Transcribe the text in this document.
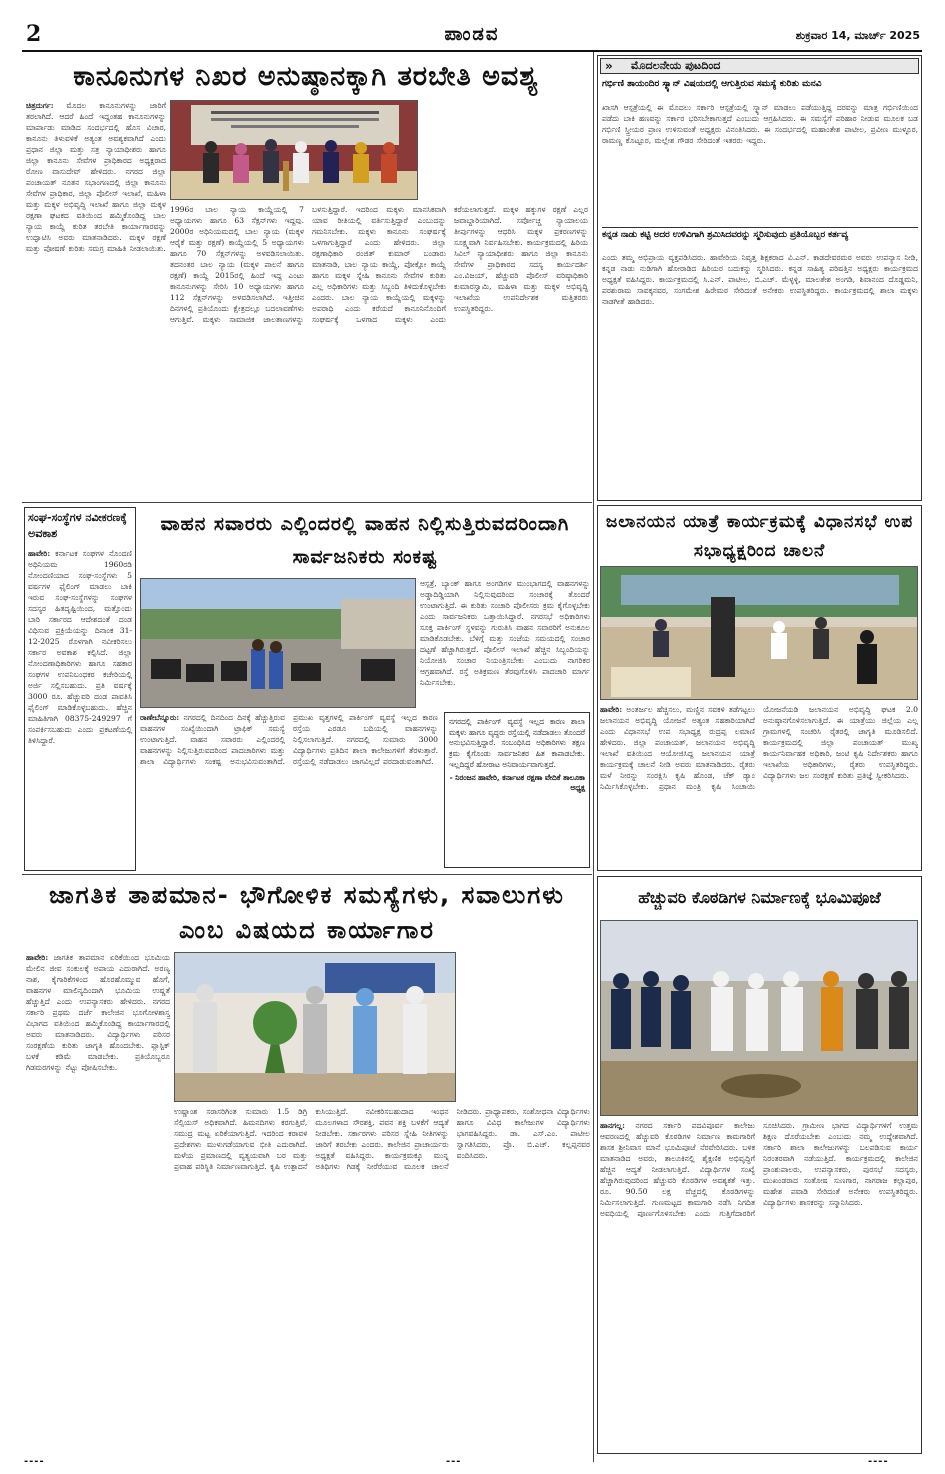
2	ಪಾಂಡವ	ಶುಕ್ರವಾರ 14, ಮಾರ್ಚ್ 2025
ಕಾನೂನುಗಳ ನಿಖರ ಅನುಷ್ಠಾನಕ್ಕಾಗಿ ತರಬೇತಿ ಅವಶ್ಯ
ಚಿತ್ರದುರ್ಗ: ಮೊದಲ ಕಾನೂನುಗಳನ್ನು ಜಾರಿಗೆ ತರಲಾಗಿದೆ. ಆದರೆ ಹಿಂದೆ ಇದ್ದಂತಹ ಕಾನೂನುಗಳನ್ನು ಮಾರ್ಪಾಡು ಮಾಡಿದ ಸಂದರ್ಭದಲ್ಲಿ ಹೊಸ ವಿಚಾರ, ಕಾನೂನು ತಿಳುವಳಿಕೆ ಅತ್ಯಂತ ಅವಶ್ಯಕವಾಗಿದೆ ಎಂದು ಪ್ರಧಾನ ಜಿಲ್ಲಾ ಮತ್ತು ಸತ್ರ ನ್ಯಾಯಾಧೀಶರು ಹಾಗೂ ಜಿಲ್ಲಾ ಕಾನೂನು ಸೇವೆಗಳ ಪ್ರಾಧಿಕಾರದ ಅಧ್ಯಕ್ಷರಾದ ರೋಣ ವಾಸುದೇವ್ ಹೇಳಿದರು. ನಗರದ ಜಿಲ್ಲಾ ಪಂಚಾಯತ್ ನೂತನ ಸಭಾಂಗಣದಲ್ಲಿ ಜಿಲ್ಲಾ ಕಾನೂನು ಸೇವೆಗಳ ಪ್ರಾಧಿಕಾರ, ಜಿಲ್ಲಾ ಪೊಲೀಸ್ ಇಲಾಖೆ, ಮಹಿಳಾ ಮತ್ತು ಮಕ್ಕಳ ಅಭಿವೃದ್ಧಿ ಇಲಾಖೆ ಹಾಗೂ ಜಿಲ್ಲಾ ಮಕ್ಕಳ ರಕ್ಷಣಾ ಘಟಕದ ವತಿಯಿಂದ ಹಮ್ಮಿಕೊಂಡಿದ್ದ ಬಾಲ ನ್ಯಾಯ ಕಾಯ್ದೆ ಕುರಿತ ತರಬೇತಿ ಕಾರ್ಯಾಗಾರವನ್ನು ಉದ್ಘಾಟಿಸಿ ಅವರು ಮಾತನಾಡಿದರು. ಮಕ್ಕಳ ರಕ್ಷಣೆ ಮತ್ತು ಪೋಷಣೆ ಕುರಿತು ಸಮಗ್ರ ಮಾಹಿತಿ ನೀಡಲಾಯಿತು.
1996ರ ಬಾಲ ನ್ಯಾಯ ಕಾಯ್ದೆಯಲ್ಲಿ 7 ಅಧ್ಯಾಯಗಳು ಹಾಗೂ 63 ಸೆಕ್ಷನ್‌ಗಳು ಇದ್ದವು. 2000ರ ಅಧಿನಿಯಮದಲ್ಲಿ ಬಾಲ ನ್ಯಾಯ (ಮಕ್ಕಳ ಆರೈಕೆ ಮತ್ತು ರಕ್ಷಣೆ) ಕಾಯ್ದೆಯಲ್ಲಿ 5 ಅಧ್ಯಾಯಗಳು ಹಾಗೂ 70 ಸೆಕ್ಷನ್‌ಗಳನ್ನು ಅಳವಡಿಸಲಾಯಿತು. ತದನಂತರ ಬಾಲ ನ್ಯಾಯ (ಮಕ್ಕಳ ಪಾಲನೆ ಹಾಗೂ ರಕ್ಷಣೆ) ಕಾಯ್ದೆ 2015ರಲ್ಲಿ ಹಿಂದೆ ಇದ್ದ ಎಂಟು ಕಾನೂನುಗಳನ್ನು ಸೇರಿಸಿ 10 ಅಧ್ಯಾಯಗಳು ಹಾಗೂ 112 ಸೆಕ್ಷನ್‌ಗಳನ್ನು ಅಳವಡಿಸಲಾಗಿದೆ. ಇತ್ತೀಚಿನ ದಿನಗಳಲ್ಲಿ ಪ್ರತಿಯೊಂದು ಕ್ಷೇತ್ರದಲ್ಲೂ ಬದಲಾವಣೆಗಳು ಆಗುತ್ತಿವೆ. ಮಕ್ಕಳು ಸಾಮಾಜಿಕ ಜಾಲತಾಣಗಳನ್ನು ಬಳಸುತ್ತಿದ್ದಾರೆ. ಇದರಿಂದ ಮಕ್ಕಳು ಮಾನಸಿಕವಾಗಿ ಯಾವ ರೀತಿಯಲ್ಲಿ ವರ್ತಿಸುತ್ತಿದ್ದಾರೆ ಎಂಬುದನ್ನು ಗಮನಿಸಬೇಕು. ಮಕ್ಕಳು ಕಾನೂನು ಸಂಘರ್ಷಕ್ಕೆ ಒಳಗಾಗುತ್ತಿದ್ದಾರೆ ಎಂದು ಹೇಳಿದರು. ಜಿಲ್ಲಾ ರಕ್ಷಣಾಧಿಕಾರಿ ರಂಜಿತ್ ಕುಮಾರ್ ಬಂಡಾರು ಮಾತನಾಡಿ, ಬಾಲ ನ್ಯಾಯ ಕಾಯ್ದೆ, ಪೋಕ್ಸೋ ಕಾಯ್ದೆ ಹಾಗೂ ಮಕ್ಕಳ ಸ್ನೇಹಿ ಕಾನೂನು ಸೇವೆಗಳ ಕುರಿತು ಎಲ್ಲ ಅಧಿಕಾರಿಗಳು ಮತ್ತು ಸಿಬ್ಬಂದಿ ತಿಳಿದುಕೊಳ್ಳಬೇಕು ಎಂದರು. ಬಾಲ ನ್ಯಾಯ ಕಾಯ್ದೆಯಲ್ಲಿ ಮಕ್ಕಳನ್ನು ಅಪರಾಧಿ ಎಂದು ಕರೆಯದೆ ಕಾನೂನಿನೊಂದಿಗೆ ಸಂಘರ್ಷಕ್ಕೆ ಒಳಗಾದ ಮಕ್ಕಳು ಎಂದು ಕರೆಯಲಾಗುತ್ತದೆ. ಮಕ್ಕಳ ಹಕ್ಕುಗಳ ರಕ್ಷಣೆ ಎಲ್ಲರ ಜವಾಬ್ದಾರಿಯಾಗಿದೆ. ಸರ್ವೋಚ್ಚ ನ್ಯಾಯಾಲಯ ತೀರ್ಪುಗಳನ್ನು ಆಧರಿಸಿ ಮಕ್ಕಳ ಪ್ರಕರಣಗಳನ್ನು ಸೂಕ್ಷ್ಮವಾಗಿ ನಿರ್ವಹಿಸಬೇಕು. ಕಾರ್ಯಕ್ರಮದಲ್ಲಿ ಹಿರಿಯ ಸಿವಿಲ್ ನ್ಯಾಯಾಧೀಶರು ಹಾಗೂ ಜಿಲ್ಲಾ ಕಾನೂನು ಸೇವೆಗಳ ಪ್ರಾಧಿಕಾರದ ಸದಸ್ಯ ಕಾರ್ಯದರ್ಶಿ ಎಂ.ವಿಜಯ್, ಹೆಚ್ಚುವರಿ ಪೊಲೀಸ್ ವರಿಷ್ಠಾಧಿಕಾರಿ ಕುಮಾರಸ್ವಾಮಿ, ಮಹಿಳಾ ಮತ್ತು ಮಕ್ಕಳ ಅಭಿವೃದ್ಧಿ ಇಲಾಖೆಯ ಉಪನಿರ್ದೇಶಕ ಮತ್ತಿತರರು ಉಪಸ್ಥಿತರಿದ್ದರು.
» ಮೊದಲನೇಯ ಪುಟದಿಂದ
ಗರ್ಭಿಣಿ ತಾಯಂದಿರ ಸ್ಕ್ಯಾನ್ ವಿಷಯದಲ್ಲಿ ಆಗುತ್ತಿರುವ ಸಮಸ್ಯೆ ಕುರಿತು ಮನವಿ
ಖಾಸಗಿ ಆಸ್ಪತ್ರೆಯಲ್ಲಿ ಈ ಮೊದಲು ಸರ್ಕಾರಿ ಆಸ್ಪತ್ರೆಯಲ್ಲಿ ಸ್ಕ್ಯಾನ್ ಮಾಡಲು ಪಡೆಯುತ್ತಿದ್ದ ದರವನ್ನು ಮಾತ್ರ ಗರ್ಭಿಣಿಯಿಂದ ಪಡೆದು ಬಾಕಿ ಹಣವನ್ನು ಸರ್ಕಾರ ಭರಿಸಬೇಕಾಗುತ್ತದೆ ಎಂಬುದು ಆಗ್ರಹಿಸಿದರು. ಈ ಸಮಸ್ಯೆಗೆ ಪರಿಹಾರ ನೀಡುವ ಮೂಲಕ ಬಡ ಗರ್ಭಿಣಿ ಸ್ತ್ರೀಯರ ಪ್ರಾಣ ಉಳಿಸುವಂತೆ ಅಧ್ಯಕ್ಷರು ವಿನಂತಿಸಿದರು. ಈ ಸಂದರ್ಭದಲ್ಲಿ ಮಹಾಂತೇಶ ಪಾಟೀಲ, ಪ್ರವೀಣ ಮುಳ್ಳೂರ, ರಾಮಣ್ಣ ಕೊಟ್ಟೂರ, ಮಲ್ಲೇಶ ಗೌಡರ ಸೇರಿದಂತೆ ಇತರರು ಇದ್ದರು.
ಕನ್ನಡ ನಾಡು ಕಟ್ಟಿ ಅದರ ಉಳಿವಿಗಾಗಿ ಶ್ರಮಿಸಿದವರನ್ನು ಸ್ಮರಿಸುವುದು ಪ್ರತಿಯೊಬ್ಬರ ಕರ್ತವ್ಯ
ಎಂದು ತಮ್ಮ ಅಭಿಪ್ರಾಯ ವ್ಯಕ್ತಪಡಿಸಿದರು. ಹಾವೇರಿಯ ನಿವೃತ್ತ ಶಿಕ್ಷಕರಾದ ವಿ.ಎನ್. ಕಾಡದೇವರಮಠ ಅವರು ಉಪನ್ಯಾಸ ನೀಡಿ, ಕನ್ನಡ ನಾಡು ನುಡಿಗಾಗಿ ಹೋರಾಡಿದ ಹಿರಿಯರ ಬದುಕನ್ನು ಸ್ಮರಿಸಿದರು. ಕನ್ನಡ ಸಾಹಿತ್ಯ ಪರಿಷತ್ತಿನ ಅಧ್ಯಕ್ಷರು ಕಾರ್ಯಕ್ರಮದ ಅಧ್ಯಕ್ಷತೆ ವಹಿಸಿದ್ದರು. ಕಾರ್ಯಕ್ರಮದಲ್ಲಿ ಸಿ.ಎನ್. ಪಾಟೀಲ, ಬಿ.ಎಚ್. ಮೆಳ್ಳಳ್ಳಿ, ಮಾಲತೇಶ ಅಂಗಡಿ, ಶಿವಾನಂದ ದೊಡ್ಡಮನಿ, ಪರಶುರಾಮ ಸಾವಕ್ಕನವರ, ಸಂಗಮೇಶ ಹಿರೇಮಠ ಸೇರಿದಂತೆ ಅನೇಕರು ಉಪಸ್ಥಿತರಿದ್ದರು. ಕಾರ್ಯಕ್ರಮದಲ್ಲಿ ಶಾಲಾ ಮಕ್ಕಳು ನಾಡಗೀತೆ ಹಾಡಿದರು.
ಸಂಘ-ಸಂಸ್ಥೆಗಳ ನವೀಕರಣಕ್ಕೆ ಅವಕಾಶ
ಹಾವೇರಿ: ಕರ್ನಾಟಕ ಸಂಘಗಳ ನೊಂದಣಿ ಅಧಿನಿಯಮ 1960ರಡಿ ನೋಂದಣಿಯಾದ ಸಂಘ-ಸಂಸ್ಥೆಗಳು 5 ವರ್ಷಗಳ ಫೈಲಿಂಗ್ ಮಾಡಲು ಬಾಕಿ ಇರುವ ಸಂಘ-ಸಂಸ್ಥೆಗಳನ್ನು ಸಂಘಗಳ ಸದಸ್ಯರ ಹಿತದೃಷ್ಟಿಯಿಂದ, ಮತ್ತೊಂದು ಬಾರಿ ಸರ್ಕಾರದ ಆದೇಶದಂತೆ ದಂಡ ವಿಧಿಸುವ ಪ್ರಕ್ರಿಯೆಯನ್ನು ದಿನಾಂಕ 31-12-2025 ರೊಳಗಾಗಿ ನವೀಕರಿಸಲು ಸರ್ಕಾರ ಅವಕಾಶ ಕಲ್ಪಿಸಿದೆ. ಜಿಲ್ಲಾ ನೋಂದಣಾಧಿಕಾರಿಗಳು ಹಾಗೂ ಸಹಕಾರ ಸಂಘಗಳ ಉಪನಿಬಂಧಕರ ಕಚೇರಿಯಲ್ಲಿ ಅರ್ಜಿ ಸಲ್ಲಿಸಬಹುದು. ಪ್ರತಿ ವರ್ಷಕ್ಕೆ 3000 ರೂ. ಹೆಚ್ಚುವರಿ ದಂಡ ಪಾವತಿಸಿ ಫೈಲಿಂಗ್ ಮಾಡಿಕೊಳ್ಳಬಹುದು. ಹೆಚ್ಚಿನ ಮಾಹಿತಿಗಾಗಿ 08375-249297 ಗೆ ಸಂಪರ್ಕಿಸಬಹುದು ಎಂದು ಪ್ರಕಟಣೆಯಲ್ಲಿ ತಿಳಿಸಿದ್ದಾರೆ.
ವಾಹನ ಸವಾರರು ಎಲ್ಲಿಂದರಲ್ಲಿ ವಾಹನ ನಿಲ್ಲಿಸುತ್ತಿರುವದರಿಂದಾಗಿ ಸಾರ್ವಜನಿಕರು ಸಂಕಷ್ಟ
ಆಸ್ಪತ್ರೆ, ಬ್ಯಾಂಕ್ ಹಾಗೂ ಅಂಗಡಿಗಳ ಮುಂಭಾಗದಲ್ಲಿ ವಾಹನಗಳನ್ನು ಅಡ್ಡಾದಿಡ್ಡಿಯಾಗಿ ನಿಲ್ಲಿಸುವುದರಿಂದ ಸಂಚಾರಕ್ಕೆ ತೊಂದರೆ ಉಂಟಾಗುತ್ತಿದೆ. ಈ ಕುರಿತು ಸಂಚಾರಿ ಪೊಲೀಸರು ಕ್ರಮ ಕೈಗೊಳ್ಳಬೇಕು ಎಂದು ಸಾರ್ವಜನಿಕರು ಒತ್ತಾಯಿಸಿದ್ದಾರೆ. ನಗರಸಭೆ ಅಧಿಕಾರಿಗಳು ಸೂಕ್ತ ಪಾರ್ಕಿಂಗ್ ಸ್ಥಳವನ್ನು ಗುರುತಿಸಿ ವಾಹನ ಸವಾರರಿಗೆ ಅನುಕೂಲ ಮಾಡಿಕೊಡಬೇಕು. ಬೆಳಿಗ್ಗೆ ಮತ್ತು ಸಂಜೆಯ ಸಮಯದಲ್ಲಿ ಸಂಚಾರ ದಟ್ಟಣೆ ಹೆಚ್ಚಾಗಿರುತ್ತದೆ. ಪೊಲೀಸ್ ಇಲಾಖೆ ಹೆಚ್ಚಿನ ಸಿಬ್ಬಂದಿಯನ್ನು ನಿಯೋಜಿಸಿ ಸಂಚಾರ ನಿಯಂತ್ರಿಸಬೇಕು ಎಂಬುದು ನಾಗರಿಕರ ಆಗ್ರಹವಾಗಿದೆ. ರಸ್ತೆ ಅತಿಕ್ರಮಣ ತೆರವುಗೊಳಿಸಿ ಪಾದಚಾರಿ ಮಾರ್ಗ ನಿರ್ಮಿಸಬೇಕು.
ರಾಣೇಬೆನ್ನೂರು: ನಗರದಲ್ಲಿ ದಿನದಿಂದ ದಿನಕ್ಕೆ ಹೆಚ್ಚುತ್ತಿರುವ ವಾಹನಗಳ ಸಂಖ್ಯೆಯಿಂದಾಗಿ ಟ್ರಾಫಿಕ್ ಸಮಸ್ಯೆ ಉಂಟಾಗುತ್ತಿದೆ. ವಾಹನ ಸವಾರರು ಎಲ್ಲಿಂದರಲ್ಲಿ ವಾಹನಗಳನ್ನು ನಿಲ್ಲಿಸುತ್ತಿರುವದರಿಂದ ಪಾದಚಾರಿಗಳು ಮತ್ತು ಶಾಲಾ ವಿದ್ಯಾರ್ಥಿಗಳು ಸಂಕಷ್ಟ ಅನುಭವಿಸುವಂತಾಗಿದೆ. ಪ್ರಮುಖ ವೃತ್ತಗಳಲ್ಲಿ ಪಾರ್ಕಿಂಗ್ ವ್ಯವಸ್ಥೆ ಇಲ್ಲದ ಕಾರಣ ರಸ್ತೆಯ ಎರಡೂ ಬದಿಯಲ್ಲಿ ವಾಹನಗಳನ್ನು ನಿಲ್ಲಿಸಲಾಗುತ್ತಿದೆ. ನಗರದಲ್ಲಿ ಸುಮಾರು 3000 ವಿದ್ಯಾರ್ಥಿಗಳು ಪ್ರತಿದಿನ ಶಾಲಾ ಕಾಲೇಜುಗಳಿಗೆ ತೆರಳುತ್ತಾರೆ. ರಸ್ತೆಯಲ್ಲಿ ನಡೆದಾಡಲು ಜಾಗವಿಲ್ಲದೆ ಪರದಾಡುವಂತಾಗಿದೆ.
ನಗರದಲ್ಲಿ ಪಾರ್ಕಿಂಗ್ ವ್ಯವಸ್ಥೆ ಇಲ್ಲದ ಕಾರಣ ಶಾಲಾ ಮಕ್ಕಳು ಹಾಗೂ ವೃದ್ಧರು ರಸ್ತೆಯಲ್ಲಿ ನಡೆದಾಡಲು ತೊಂದರೆ ಅನುಭವಿಸುತ್ತಿದ್ದಾರೆ. ಸಂಬಂಧಿಸಿದ ಅಧಿಕಾರಿಗಳು ತಕ್ಷಣ ಕ್ರಮ ಕೈಗೊಂಡು ಸಾರ್ವಜನಿಕರ ಹಿತ ಕಾಪಾಡಬೇಕು. ಇಲ್ಲದಿದ್ದರೆ ಹೋರಾಟ ಅನಿವಾರ್ಯವಾಗುತ್ತದೆ.

- ನಿರಂಜನ ಹಾವೇರಿ, ಕರ್ನಾಟಕ ರಕ್ಷಣಾ ವೇದಿಕೆ ತಾಲೂಕಾ ಅಧ್ಯಕ್ಷ
ಜಲಾನಯನ ಯಾತ್ರೆ ಕಾರ್ಯಕ್ರಮಕ್ಕೆ ವಿಧಾನಸಭೆ ಉಪ ಸಭಾಧ್ಯಕ್ಷರಿಂದ ಚಾಲನೆ
ಹಾವೇರಿ: ಅಂತರ್ಜಲ ಹೆಚ್ಚಿಸಲು, ಮಣ್ಣಿನ ಸವಕಳಿ ತಡೆಗಟ್ಟಲು ಜಲಾನಯನ ಅಭಿವೃದ್ಧಿ ಯೋಜನೆ ಅತ್ಯಂತ ಸಹಕಾರಿಯಾಗಿದೆ ಎಂದು ವಿಧಾನಸಭೆ ಉಪ ಸಭಾಧ್ಯಕ್ಷ ರುದ್ರಪ್ಪ ಲಮಾಣಿ ಹೇಳಿದರು. ಜಿಲ್ಲಾ ಪಂಚಾಯತ್, ಜಲಾನಯನ ಅಭಿವೃದ್ಧಿ ಇಲಾಖೆ ವತಿಯಿಂದ ಆಯೋಜಿಸಿದ್ದ ಜಲಾನಯನ ಯಾತ್ರೆ ಕಾರ್ಯಕ್ರಮಕ್ಕೆ ಚಾಲನೆ ನೀಡಿ ಅವರು ಮಾತನಾಡಿದರು. ರೈತರು ಮಳೆ ನೀರನ್ನು ಸಂರಕ್ಷಿಸಿ ಕೃಷಿ ಹೊಂಡ, ಚೆಕ್ ಡ್ಯಾಂ ನಿರ್ಮಿಸಿಕೊಳ್ಳಬೇಕು. ಪ್ರಧಾನ ಮಂತ್ರಿ ಕೃಷಿ ಸಿಂಚಾಯಿ ಯೋಜನೆಯಡಿ ಜಲಾನಯನ ಅಭಿವೃದ್ಧಿ ಘಟಕ 2.0 ಅನುಷ್ಠಾನಗೊಳಿಸಲಾಗುತ್ತಿದೆ. ಈ ಯಾತ್ರೆಯು ಜಿಲ್ಲೆಯ ಎಲ್ಲ ಗ್ರಾಮಗಳಲ್ಲಿ ಸಂಚರಿಸಿ ರೈತರಲ್ಲಿ ಜಾಗೃತಿ ಮೂಡಿಸಲಿದೆ. ಕಾರ್ಯಕ್ರಮದಲ್ಲಿ ಜಿಲ್ಲಾ ಪಂಚಾಯತ್ ಮುಖ್ಯ ಕಾರ್ಯನಿರ್ವಾಹಕ ಅಧಿಕಾರಿ, ಜಂಟಿ ಕೃಷಿ ನಿರ್ದೇಶಕರು ಹಾಗೂ ಇಲಾಖೆಯ ಅಧಿಕಾರಿಗಳು, ರೈತರು ಉಪಸ್ಥಿತರಿದ್ದರು. ವಿದ್ಯಾರ್ಥಿಗಳು ಜಲ ಸಂರಕ್ಷಣೆ ಕುರಿತು ಪ್ರತಿಜ್ಞೆ ಸ್ವೀಕರಿಸಿದರು.
ಜಾಗತಿಕ ತಾಪಮಾನ- ಭೌಗೋಳಿಕ ಸಮಸ್ಯೆಗಳು, ಸವಾಲುಗಳು ಎಂಬ ವಿಷಯದ ಕಾರ್ಯಾಗಾರ
ಹಾವೇರಿ: ಜಾಗತಿಕ ತಾಪಮಾನ ಏರಿಕೆಯಿಂದ ಭೂಮಿಯ ಮೇಲಿನ ಜೀವ ಸಂಕುಲಕ್ಕೆ ಅಪಾಯ ಎದುರಾಗಿದೆ. ಅರಣ್ಯ ನಾಶ, ಕೈಗಾರಿಕೆಗಳಿಂದ ಹೊರಹೊಮ್ಮುವ ಹೊಗೆ, ವಾಹನಗಳ ಮಾಲಿನ್ಯದಿಂದಾಗಿ ಭೂಮಿಯ ಉಷ್ಣತೆ ಹೆಚ್ಚುತ್ತಿದೆ ಎಂದು ಉಪನ್ಯಾಸಕರು ಹೇಳಿದರು. ನಗರದ ಸರ್ಕಾರಿ ಪ್ರಥಮ ದರ್ಜೆ ಕಾಲೇಜಿನ ಭೂಗೋಳಶಾಸ್ತ್ರ ವಿಭಾಗದ ವತಿಯಿಂದ ಹಮ್ಮಿಕೊಂಡಿದ್ದ ಕಾರ್ಯಾಗಾರದಲ್ಲಿ ಅವರು ಮಾತನಾಡಿದರು. ವಿದ್ಯಾರ್ಥಿಗಳು ಪರಿಸರ ಸಂರಕ್ಷಣೆಯ ಕುರಿತು ಜಾಗೃತಿ ಹೊಂದಬೇಕು. ಪ್ಲಾಸ್ಟಿಕ್ ಬಳಕೆ ಕಡಿಮೆ ಮಾಡಬೇಕು. ಪ್ರತಿಯೊಬ್ಬರೂ ಗಿಡಮರಗಳನ್ನು ನೆಟ್ಟು ಪೋಷಿಸಬೇಕು.
ಉಷ್ಣಾಂಶ ಸರಾಸರಿಗಿಂತ ಸುಮಾರು 1.5 ಡಿಗ್ರಿ ಸೆಲ್ಸಿಯಸ್ ಅಧಿಕವಾಗಿದೆ. ಹಿಮನದಿಗಳು ಕರಗುತ್ತಿವೆ, ಸಮುದ್ರ ಮಟ್ಟ ಏರಿಕೆಯಾಗುತ್ತಿದೆ. ಇದರಿಂದ ಕರಾವಳಿ ಪ್ರದೇಶಗಳು ಮುಳುಗಡೆಯಾಗುವ ಭೀತಿ ಎದುರಾಗಿದೆ. ಮಳೆಯ ಪ್ರಮಾಣದಲ್ಲಿ ವ್ಯತ್ಯಯವಾಗಿ ಬರ ಮತ್ತು ಪ್ರವಾಹ ಪರಿಸ್ಥಿತಿ ನಿರ್ಮಾಣವಾಗುತ್ತಿದೆ. ಕೃಷಿ ಉತ್ಪಾದನೆ ಕುಸಿಯುತ್ತಿದೆ. ನವೀಕರಿಸಬಹುದಾದ ಇಂಧನ ಮೂಲಗಳಾದ ಸೌರಶಕ್ತಿ, ಪವನ ಶಕ್ತಿ ಬಳಕೆಗೆ ಆದ್ಯತೆ ನೀಡಬೇಕು. ಸರ್ಕಾರಗಳು ಪರಿಸರ ಸ್ನೇಹಿ ನೀತಿಗಳನ್ನು ಜಾರಿಗೆ ತರಬೇಕು ಎಂದರು. ಕಾಲೇಜಿನ ಪ್ರಾಚಾರ್ಯರು ಅಧ್ಯಕ್ಷತೆ ವಹಿಸಿದ್ದರು. ಕಾರ್ಯಕ್ರಮಕ್ಕೂ ಮುನ್ನ ಅತಿಥಿಗಳು ಗಿಡಕ್ಕೆ ನೀರೆರೆಯುವ ಮೂಲಕ ಚಾಲನೆ ನೀಡಿದರು. ಪ್ರಾಧ್ಯಾಪಕರು, ಸಂಶೋಧನಾ ವಿದ್ಯಾರ್ಥಿಗಳು ಹಾಗೂ ವಿವಿಧ ಕಾಲೇಜುಗಳ ವಿದ್ಯಾರ್ಥಿಗಳು ಭಾಗವಹಿಸಿದ್ದರು. ಡಾ. ಎಸ್.ಎಂ. ಪಾಟೀಲ ಸ್ವಾಗತಿಸಿದರು, ಪ್ರೊ. ಬಿ.ಎಚ್. ಕಲ್ಲಪ್ಪನವರ ವಂದಿಸಿದರು.
ಹೆಚ್ಚುವರಿ ಕೊಠಡಿಗಳ ನಿರ್ಮಾಣಕ್ಕೆ ಭೂಮಿಪೂಜೆ
ಹಾನಗಲ್ಲ: ನಗರದ ಸರ್ಕಾರಿ ಪದವಿಪೂರ್ವ ಕಾಲೇಜು ಆವರಣದಲ್ಲಿ ಹೆಚ್ಚುವರಿ ಕೊಠಡಿಗಳ ನಿರ್ಮಾಣ ಕಾಮಗಾರಿಗೆ ಶಾಸಕ ಶ್ರೀನಿವಾಸ ಮಾನೆ ಭೂಮಿಪೂಜೆ ನೆರವೇರಿಸಿದರು. ಬಳಿಕ ಮಾತನಾಡಿದ ಅವರು, ತಾಲೂಕಿನಲ್ಲಿ ಶೈಕ್ಷಣಿಕ ಅಭಿವೃದ್ಧಿಗೆ ಹೆಚ್ಚಿನ ಆದ್ಯತೆ ನೀಡಲಾಗುತ್ತಿದೆ. ವಿದ್ಯಾರ್ಥಿಗಳ ಸಂಖ್ಯೆ ಹೆಚ್ಚಾಗಿರುವುದರಿಂದ ಹೆಚ್ಚುವರಿ ಕೊಠಡಿಗಳ ಅವಶ್ಯಕತೆ ಇತ್ತು. ರೂ. 90.50 ಲಕ್ಷ ವೆಚ್ಚದಲ್ಲಿ ಕೊಠಡಿಗಳನ್ನು ನಿರ್ಮಿಸಲಾಗುತ್ತಿದೆ. ಗುಣಮಟ್ಟದ ಕಾಮಗಾರಿ ನಡೆಸಿ ನಿಗದಿತ ಅವಧಿಯಲ್ಲಿ ಪೂರ್ಣಗೊಳಿಸಬೇಕು ಎಂದು ಗುತ್ತಿಗೆದಾರರಿಗೆ ಸೂಚಿಸಿದರು. ಗ್ರಾಮೀಣ ಭಾಗದ ವಿದ್ಯಾರ್ಥಿಗಳಿಗೆ ಉತ್ತಮ ಶಿಕ್ಷಣ ದೊರೆಯಬೇಕು ಎಂಬುದು ನಮ್ಮ ಉದ್ದೇಶವಾಗಿದೆ. ಸರ್ಕಾರಿ ಶಾಲಾ ಕಾಲೇಜುಗಳನ್ನು ಬಲಪಡಿಸುವ ಕಾರ್ಯ ನಿರಂತರವಾಗಿ ನಡೆಯುತ್ತಿದೆ. ಕಾರ್ಯಕ್ರಮದಲ್ಲಿ ಕಾಲೇಜಿನ ಪ್ರಾಂಶುಪಾಲರು, ಉಪನ್ಯಾಸಕರು, ಪುರಸಭೆ ಸದಸ್ಯರು, ಮುಖಂಡರಾದ ಸಂತೋಷ ಸುಣಗಾರ, ನಾಗರಾಜ ಕಲ್ಲಾಪುರ, ಮಹೇಶ ಪವಾಡಿ ಸೇರಿದಂತೆ ಅನೇಕರು ಉಪಸ್ಥಿತರಿದ್ದರು. ವಿದ್ಯಾರ್ಥಿಗಳು ಶಾಸಕರನ್ನು ಸನ್ಮಾನಿಸಿದರು.
----	---	----
